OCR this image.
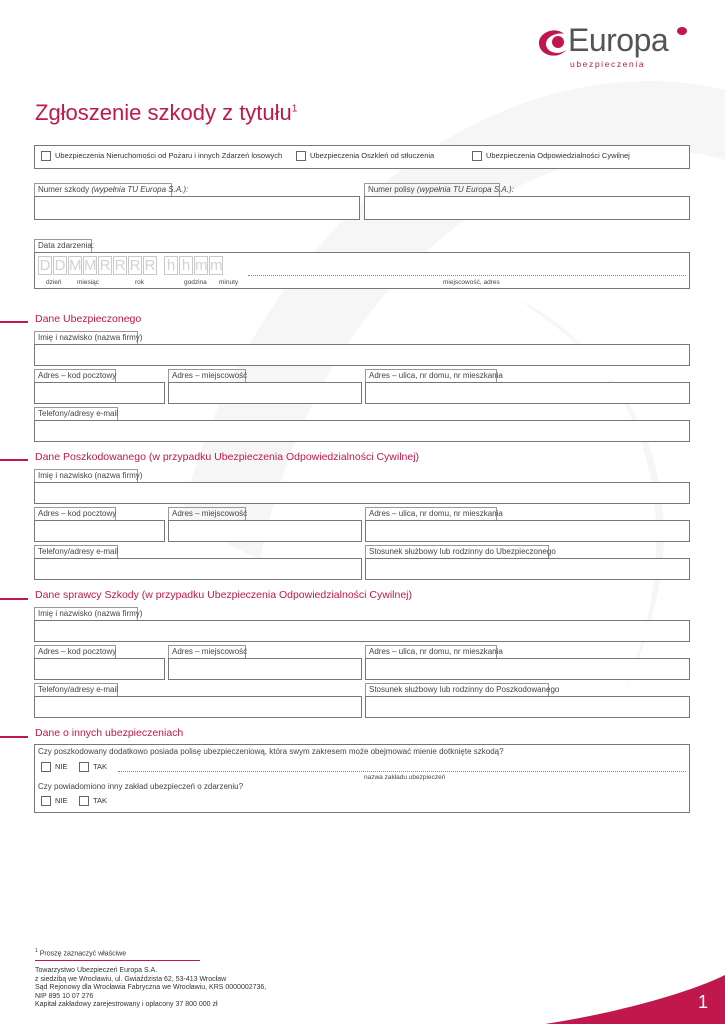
Europa
ubezpieczenia
Zgłoszenie szkody z tytułu$^1$
Ubezpieczenia Nieruchomości od Pożaru i innych Zdarzeń losowych	Ubezpieczenia Oszkleń od stłuczenia	Ubezpieczenia Odpowiedzialności Cywilnej
Numer szkody (wypełnia TU Europa S.A.):	Numer polisy (wypełnia TU Europa S.A.):
Data zdarzenia:
D D M M R R R R h h m m
dzień miesiąc	rok	godzina minuty	miejscowość, adres
Dane Ubezpieczonego
Imię i nazwisko (nazwa firmy)
Adres – kod pocztowy	Adres – miejscowość	Adres – ulica, nr domu, nr mieszkania
Telefony/adresy e-mail
Dane Poszkodowanego (w przypadku Ubezpieczenia Odpowiedzialności Cywilnej)
Imię i nazwisko (nazwa firmy)
Adres – kod pocztowy	Adres – miejscowość	Adres – ulica, nr domu, nr mieszkania
Telefony/adresy e-mail	Stosunek służbowy lub rodzinny do Ubezpieczonego
Dane sprawcy Szkody (w przypadku Ubezpieczenia Odpowiedzialności Cywilnej)
Imię i nazwisko (nazwa firmy)
Adres – kod pocztowy	Adres – miejscowość	Adres – ulica, nr domu, nr mieszkania
Telefony/adresy e-mail	Stosunek służbowy lub rodzinny do Poszkodowanego
Dane o innych ubezpieczeniach
Czy poszkodowany dodatkowo posiada polisę ubezpieczeniową, która swym zakresem może obejmować mienie dotknięte szkodą?
NIE	TAK
nazwa zakładu ubezpieczeń
Czy powiadomiono inny zakład ubezpieczeń o zdarzeniu?
NIE	TAK
$^1$ Proszę zaznaczyć właściwe
Towarzystwo Ubezpieczeń Europa S.A.
z siedzibą we Wrocławiu, ul. Gwiaździsta 62, 53-413 Wrocław
Sąd Rejonowy dla Wrocławia Fabryczna we Wrocławiu, KRS 0000002736,
NIP 895 10 07 276
Kapitał zakładowy zarejestrowany i opłacony 37 800 000 zł	1
